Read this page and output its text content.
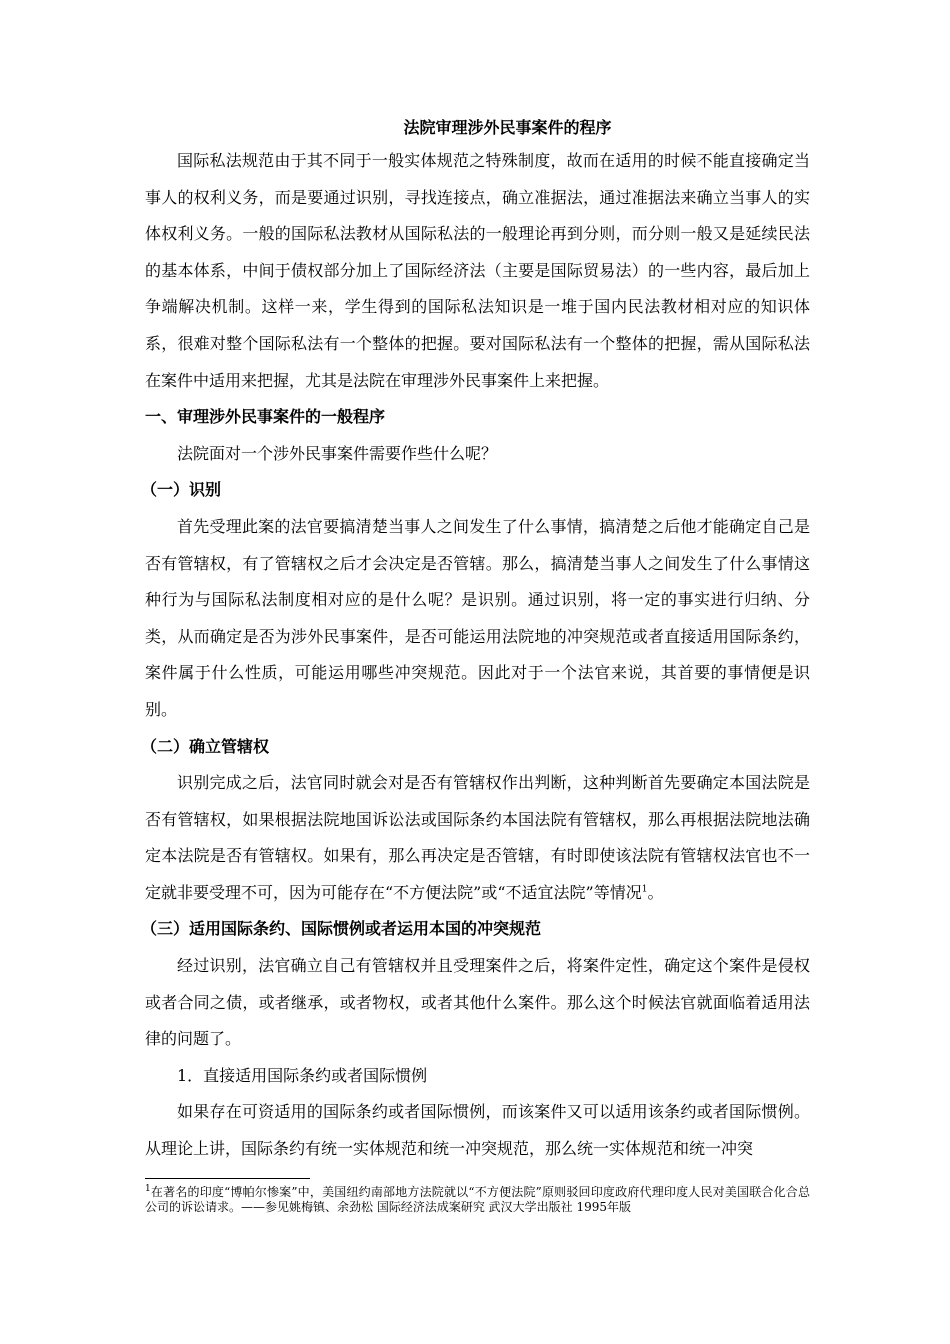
法院审理涉外民事案件的程序

国际私法规范由于其不同于一般实体规范之特殊制度，故而在适用的时候不能直接确定当事人的权利义务，而是要通过识别，寻找连接点，确立准据法，通过准据法来确立当事人的实体权利义务。一般的国际私法教材从国际私法的一般理论再到分则，而分则一般又是延续民法的基本体系，中间于债权部分加上了国际经济法（主要是国际贸易法）的一些内容，最后加上争端解决机制。这样一来，学生得到的国际私法知识是一堆于国内民法教材相对应的知识体系，很难对整个国际私法有一个整体的把握。要对国际私法有一个整体的把握，需从国际私法在案件中适用来把握，尤其是法院在审理涉外民事案件上来把握。

一、审理涉外民事案件的一般程序

法院面对一个涉外民事案件需要作些什么呢？

（一）识别

首先受理此案的法官要搞清楚当事人之间发生了什么事情，搞清楚之后他才能确定自己是否有管辖权，有了管辖权之后才会决定是否管辖。那么，搞清楚当事人之间发生了什么事情这种行为与国际私法制度相对应的是什么呢？是识别。通过识别，将一定的事实进行归纳、分类，从而确定是否为涉外民事案件，是否可能运用法院地的冲突规范或者直接适用国际条约，案件属于什么性质，可能运用哪些冲突规范。因此对于一个法官来说，其首要的事情便是识别。

（二）确立管辖权

识别完成之后，法官同时就会对是否有管辖权作出判断，这种判断首先要确定本国法院是否有管辖权，如果根据法院地国诉讼法或国际条约本国法院有管辖权，那么再根据法院地法确定本法院是否有管辖权。如果有，那么再决定是否管辖，有时即使该法院有管辖权法官也不一定就非要受理不可，因为可能存在“不方便法院”或“不适宜法院”等情况$^1$。

（三）适用国际条约、国际惯例或者运用本国的冲突规范

经过识别，法官确立自己有管辖权并且受理案件之后，将案件定性，确定这个案件是侵权或者合同之债，或者继承，或者物权，或者其他什么案件。那么这个时候法官就面临着适用法律的问题了。

1．直接适用国际条约或者国际惯例

如果存在可资适用的国际条约或者国际惯例，而该案件又可以适用该条约或者国际惯例。从理论上讲，国际条约有统一实体规范和统一冲突规范，那么统一实体规范和统一冲突

$^1$在著名的印度“博帕尔惨案”中，美国纽约南部地方法院就以“不方便法院”原则驳回印度政府代理印度人民对美国联合化合总公司的诉讼请求。——参见姚梅镇、余劲松 国际经济法成案研究 武汉大学出版社 1995年版
